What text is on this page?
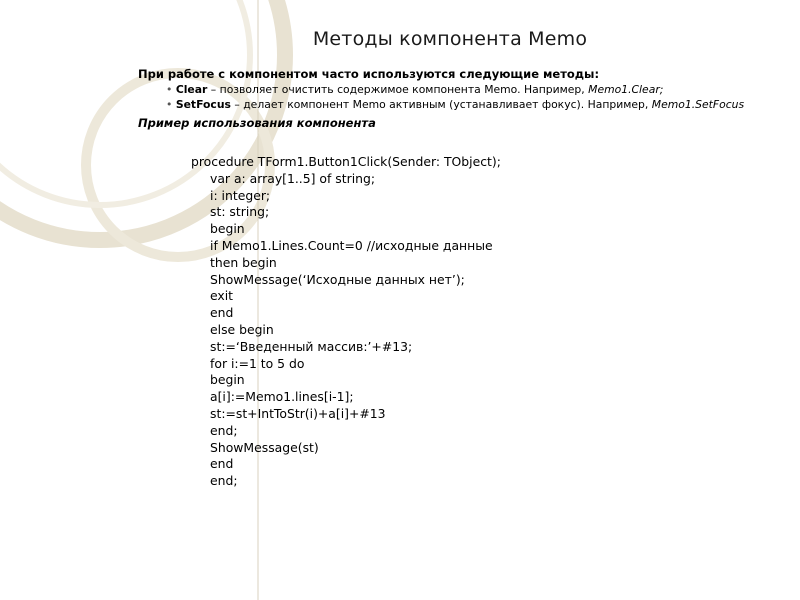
Методы компонента Memo
При работе с компонентом часто используются следующие методы:
• Clear – позволяет очистить содержимое компонента Memo. Например, Memo1.Clear;
• SetFocus – делает компонент Memo активным (устанавливает фокус). Например, Memo1.SetFocus
Пример использования компонента
procedure TForm1.Button1Click(Sender: TObject);
var a: array[1..5] of string;
i: integer;
st: string;
begin
if Memo1.Lines.Count=0 //исходные данные
then begin
ShowMessage(‘Исходные данных нет’);
exit
end
else begin
st:=‘Введенный массив:’+#13;
for i:=1 to 5 do
begin
a[i]:=Memo1.lines[i-1];
st:=st+IntToStr(i)+a[i]+#13
end;
ShowMessage(st)
end
end;
